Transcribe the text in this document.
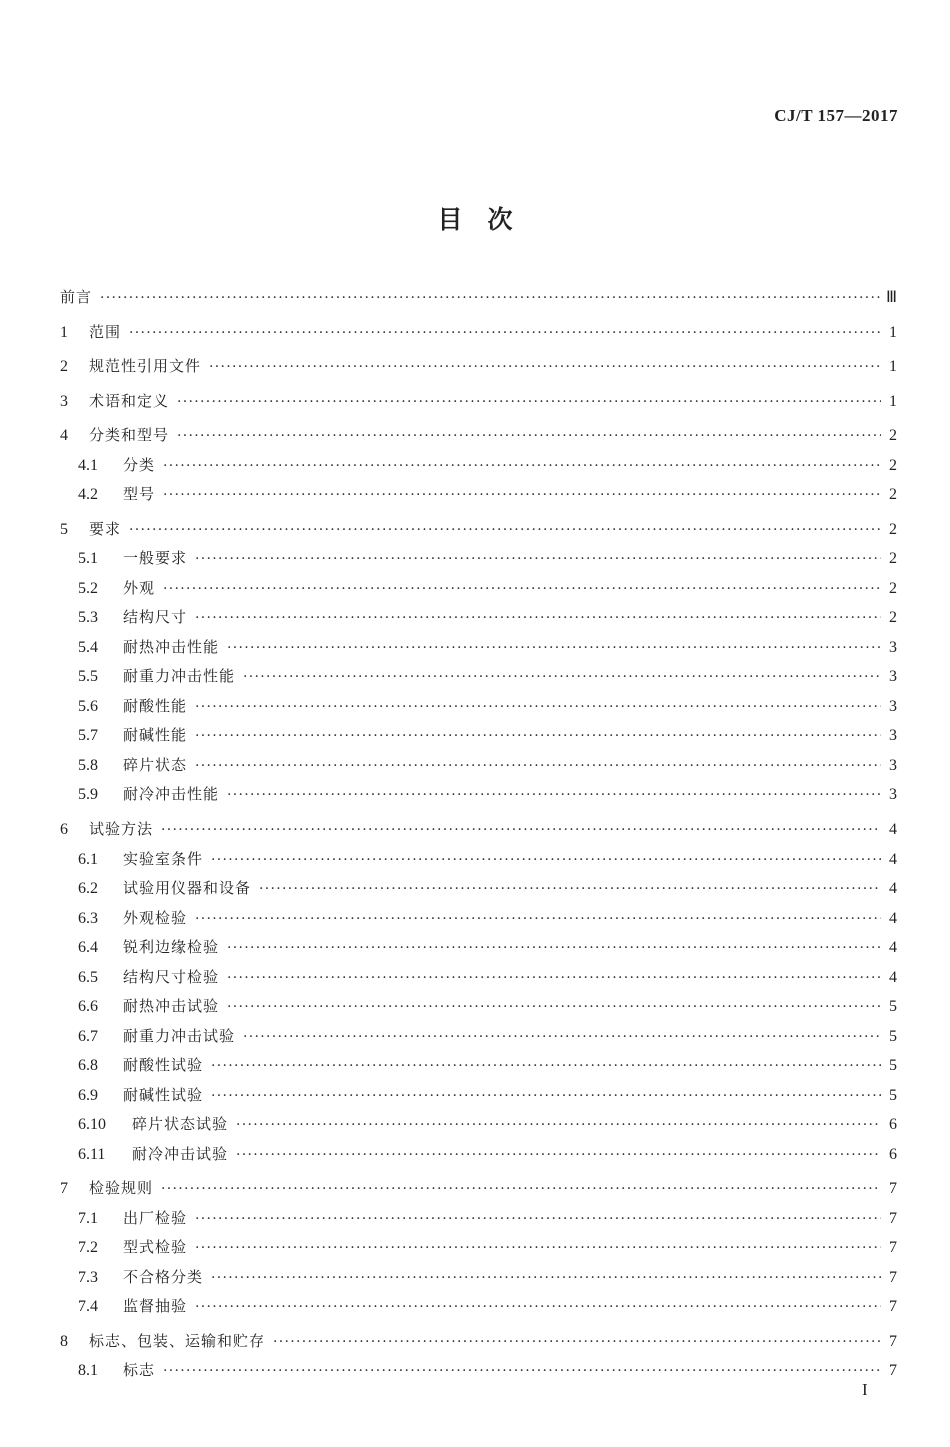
CJ/T 157—2017
目　次
前言 ·····	Ⅲ
1	范围 ·····	1
2	规范性引用文件 ·····	1
3	术语和定义 ·····	1
4	分类和型号 ·····	2
4.1	分类 ·····	2
4.2	型号 ·····	2
5	要求 ·····	2
5.1	一般要求 ·····	2
5.2	外观 ·····	2
5.3	结构尺寸 ·····	2
5.4	耐热冲击性能 ·····	3
5.5	耐重力冲击性能 ·····	3
5.6	耐酸性能 ·····	3
5.7	耐碱性能 ·····	3
5.8	碎片状态 ·····	3
5.9	耐冷冲击性能 ·····	3
6	试验方法 ·····	4
6.1	实验室条件 ·····	4
6.2	试验用仪器和设备 ·····	4
6.3	外观检验 ·····	4
6.4	锐利边缘检验 ·····	4
6.5	结构尺寸检验 ·····	4
6.6	耐热冲击试验 ·····	5
6.7	耐重力冲击试验 ·····	5
6.8	耐酸性试验 ·····	5
6.9	耐碱性试验 ·····	5
6.10	碎片状态试验 ·····	6
6.11	耐冷冲击试验 ·····	6
7	检验规则 ·····	7
7.1	出厂检验 ·····	7
7.2	型式检验 ·····	7
7.3	不合格分类 ·····	7
7.4	监督抽验 ·····	7
8	标志、包装、运输和贮存 ·····	7
8.1	标志 ·····	7
I
